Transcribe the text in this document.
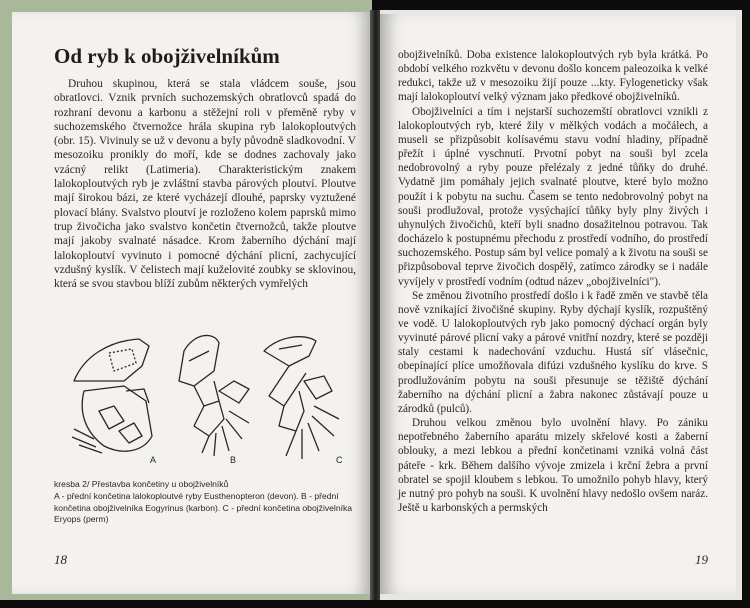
Od ryb k obojživelníkům

Druhou skupinou, která se stala vládcem souše, jsou obratlovci. Vznik prvních suchozemských obratlovců spadá do rozhraní devonu a karbonu a stěžejní roli v přeměně ryby v suchozemského čtvernožce hrála skupina ryb lalokoploutvých (obr. 15). Vivinuly se už v devonu a byly původně sladkovodní. V mesozoiku pronikly do moří, kde se dodnes zachovaly jako vzácný relikt (Latimeria). Charakteristickým znakem lalokoploutvých ryb je zvláštní stavba párových ploutví. Ploutve mají širokou bázi, ze které vycházejí dlouhé, paprsky vyztužené plovací blány. Svalstvo ploutví je rozloženo kolem paprsků mimo trup živočicha jako svalstvo končetin čtvernožců, takže ploutve mají jakoby svalnaté násadce. Krom žaberního dýchání mají lalokoploutví vyvinuto i pomocné dýchání plicní, zachycující vzdušný kyslík. V čelistech mají kuželovité zoubky se sklovinou, která se svou stavbou blíží zubům některých vymřelých

A	B	C
kresba 2/ Přestavba končetiny u obojživelníků
A - přední končetina lalokoploutvé ryby Eusthenopteron (devon). B - přední končetina obojživelníka Eogyrinus (karbon). C - přední končetina obojživelníka Eryops (perm)
18

obojživelníků. Doba existence lalokoploutvých ryb byla krátká. Po období velkého rozkvětu v devonu došlo koncem paleozoika k velké redukci, takže už v mesozoiku žijí pouze ...kty. Fylogeneticky však mají lalokoploutví velký význam jako předkové obojživelníků.

Obojživelníci a tím i nejstarší suchozemští obratlovci vznikli z lalokoploutvých ryb, které žily v mělkých vodách a močálech, a museli se přizpůsobit kolísavému stavu vodní hladiny, případně přežít i úplné vyschnutí. Prvotní pobyt na souši byl zcela nedobrovolný a ryby pouze přelézaly z jedné tůňky do druhé. Vydatně jim pomáhaly jejich svalnaté ploutve, které bylo možno použít i k pobytu na suchu. Časem se tento nedobrovolný pobyt na souši prodlužoval, protože vysýchající tůňky byly plny živých i uhynulých živočichů, kteří byli snadno dosažitelnou potravou. Tak docházelo k postupnému přechodu z prostředí vodního, do prostředí suchozemského. Postup sám byl velice pomalý a k životu na souši se přizpůsoboval teprve živočich dospělý, zatímco zárodky se i nadále vyvíjely v prostředí vodním (odtud název „obojživelníci").

Se změnou životního prostředí došlo i k řadě změn ve stavbě těla nově vznikající živočišné skupiny. Ryby dýchají kyslík, rozpuštěný ve vodě. U lalokoploutvých ryb jako pomocný dýchací orgán byly vyvinuté párové plicní vaky a párové vnitřní nozdry, které se později staly cestami k nadechování vzduchu. Hustá síť vlásečnic, obepínající plíce umožňovala difúzi vzdušného kyslíku do krve. S prodlužováním pobytu na souši přesunuje se těžiště dýchání žaberního na dýchání plicní a žabra nakonec zůstávají pouze u zárodků (pulců).

Druhou velkou změnou bylo uvolnění hlavy. Po zániku nepotřebného žaberního aparátu mizely skřelové kosti a žaberní oblouky, a mezi lebkou a přední končetinami vzniká volná část páteře - krk. Během dalšího vývoje zmizela i krční žebra a první obratel se spojil kloubem s lebkou. To umožnilo pohyb hlavy, který je nutný pro pohyb na souši. K uvolnění hlavy nedošlo ovšem naráz. Ještě u karbonských a permských

19
